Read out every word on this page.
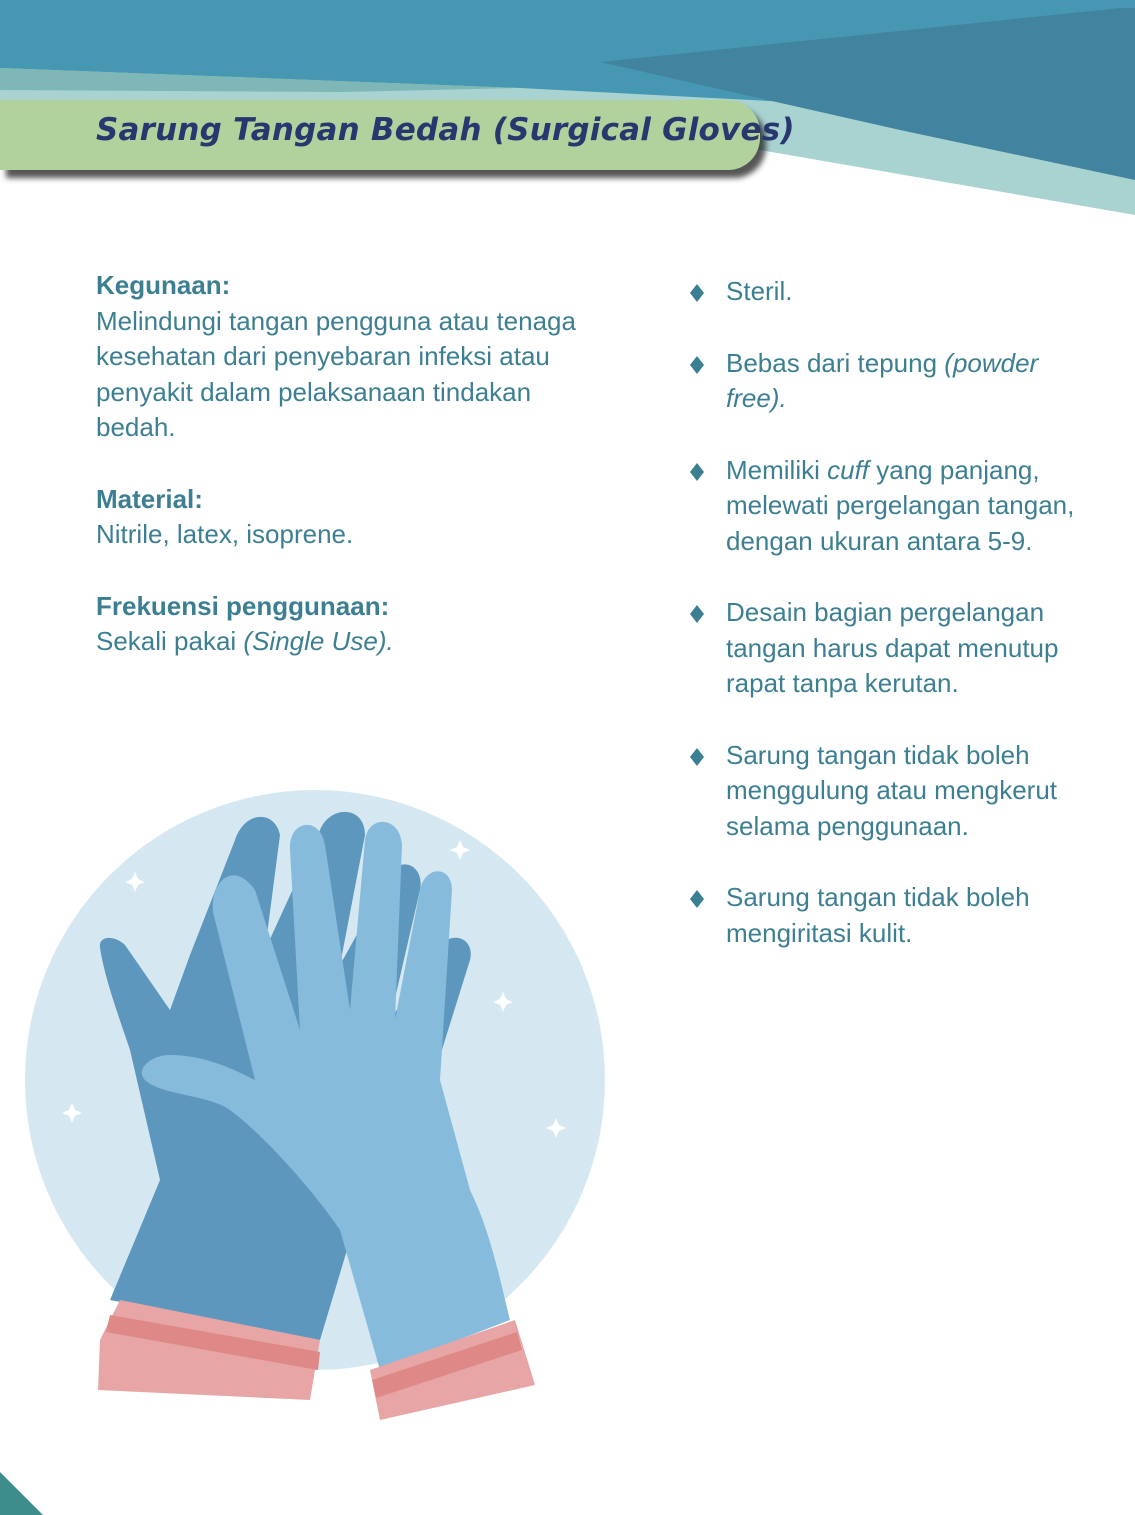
Sarung Tangan Bedah (Surgical Gloves)
Kegunaan:
Melindungi tangan pengguna atau tenaga kesehatan dari penyebaran infeksi atau penyakit dalam pelaksanaan tindakan bedah.
Material:
Nitrile, latex, isoprene.
Frekuensi penggunaan:
Sekali pakai (Single Use).
Steril.
Bebas dari tepung (powder free).
Memiliki cuff yang panjang, melewati pergelangan tangan, dengan ukuran antara 5-9.
Desain bagian pergelangan tangan harus dapat menutup rapat tanpa kerutan.
Sarung tangan tidak boleh menggulung atau mengkerut selama penggunaan.
Sarung tangan tidak boleh mengiritasi kulit.
